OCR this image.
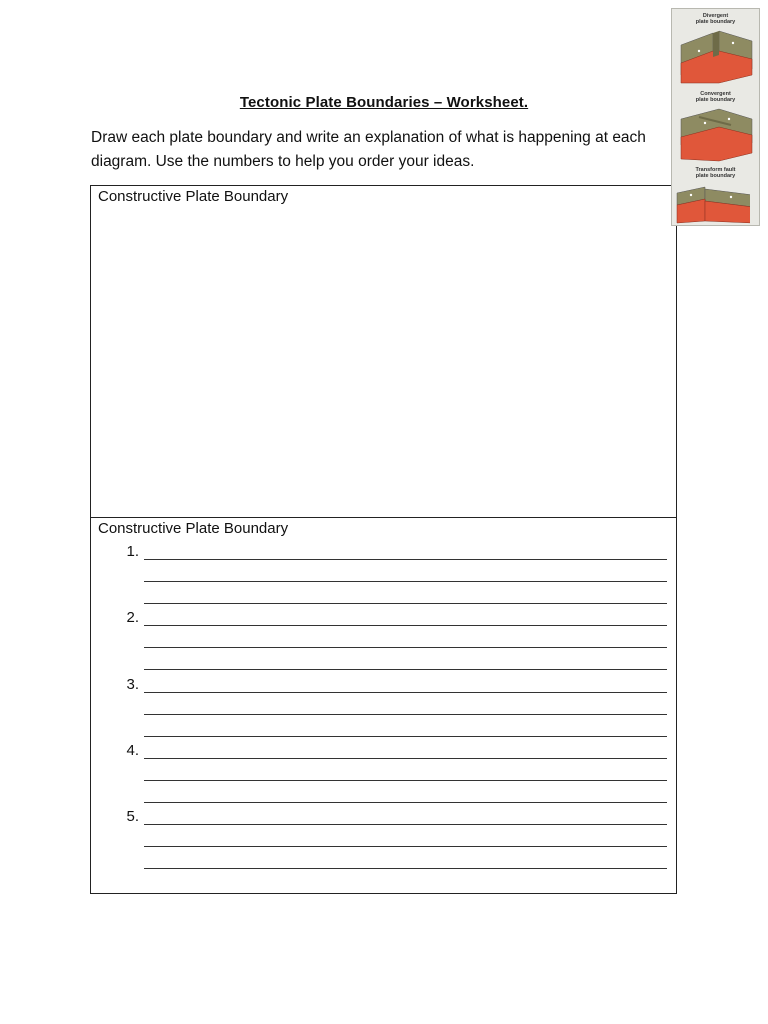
Tectonic Plate Boundaries – Worksheet.
Draw each plate boundary and write an explanation of what is happening at each diagram. Use the numbers to help you order your ideas.
Constructive Plate Boundary
Constructive Plate Boundary
1.
2.
3.
4.
5.
Divergent
plate boundary
Convergent
plate boundary
Transform fault
plate boundary
